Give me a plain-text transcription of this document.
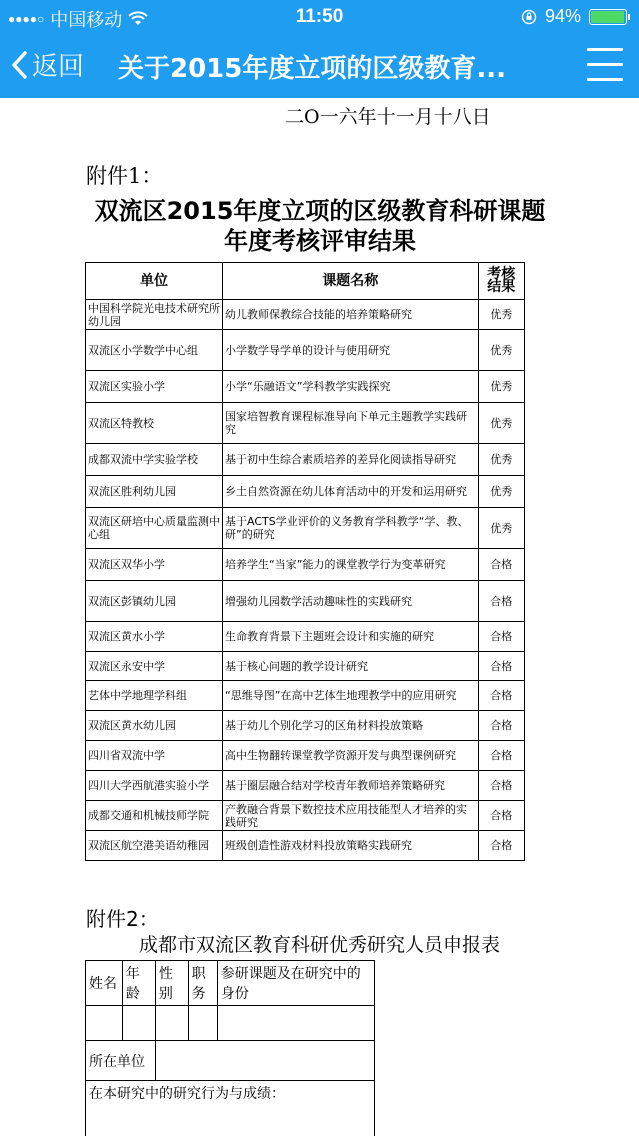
●●●●○ 中国移动	11:50	94%
返回 关于2015年度立项的区级教育...
二O一六年十一月十八日
附件1：
双流区2015年度立项的区级教育科研课题
年度考核评审结果
单位	课题名称	考核结果
中国科学院光电技术研究所幼儿园	幼儿教师保教综合技能的培养策略研究	优秀
双流区小学数学中心组	小学数学导学单的设计与使用研究	优秀
双流区实验小学	小学“乐融语文”学科教学实践探究	优秀
双流区特教校	国家培智教育课程标准导向下单元主题教学实践研究	优秀
成都双流中学实验学校	基于初中生综合素质培养的差异化阅读指导研究	优秀
双流区胜利幼儿园	乡土自然资源在幼儿体育活动中的开发和运用研究	优秀
双流区研培中心质量监测中心组	基于ACTS学业评价的义务教育学科教学“学、教、研”的研究	优秀
双流区双华小学	培养学生“当家”能力的课堂教学行为变革研究	合格
双流区彭镇幼儿园	增强幼儿园数学活动趣味性的实践研究	合格
双流区黄水小学	生命教育背景下主题班会设计和实施的研究	合格
双流区永安中学	基于核心问题的教学设计研究	合格
艺体中学地理学科组	“思维导图”在高中艺体生地理教学中的应用研究	合格
双流区黄水幼儿园	基于幼儿个别化学习的区角材料投放策略	合格
四川省双流中学	高中生物翻转课堂教学资源开发与典型课例研究	合格
四川大学西航港实验小学	基于圈层融合结对学校青年教师培养策略研究	合格
成都交通和机械技师学院	产教融合背景下数控技术应用技能型人才培养的实践研究	合格
双流区航空港美语幼稚园	班级创造性游戏材料投放策略实践研究	合格
附件2：
成都市双流区教育科研优秀研究人员申报表
姓名	年龄	性别	职务	参研课题及在研究中的身份

所在单位				
在本研究中的研究行为与成绩：				
